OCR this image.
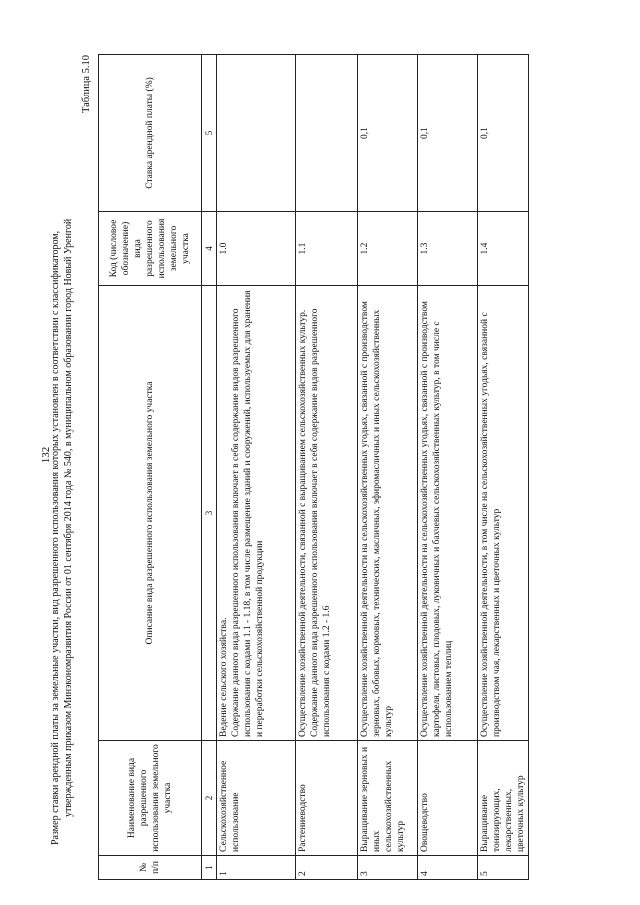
132
Размер ставки арендной платы за земельные участки, вид разрешенного использования которых установлен в соответствии с классификатором, утвержденным приказом Минэкономразвития России от 01 сентября 2014 года № 540, в муниципальном образовании город Новый Уренгой
Таблица 5.10
№ п/п	Наименование вида разрешенного использования земельного участка	Описание вида разрешенного использования земельного участка	Код (числовое обозначение) вида разрешенного использования земельного участка	Ставка арендной платы (%)
1	2	3	4	5
1	Сельскохозяйственное использование	Ведение сельского хозяйства. Содержание данного вида разрешенного использования включает в себя содержание видов разрешенного использования с кодами 1.1 - 1.18, в том числе размещение зданий и сооружений, используемых для хранения и переработки сельскохозяйственной продукции	1.0	
2	Растениеводство	Осуществление хозяйственной деятельности, связанной с выращиванием сельскохозяйственных культур. Содержание данного вида разрешенного использования включает в себя содержание видов разрешенного использования с кодами 1.2 - 1.6	1.1	
3	Выращивание зерновых и иных сельскохозяйственных культур	Осуществление хозяйственной деятельности на сельскохозяйственных угодьях, связанной с производством зерновых, бобовых, кормовых, технических, масличных, эфиромасличных и иных сельскохозяйственных культур	1.2	0,1
4	Овощеводство	Осуществление хозяйственной деятельности на сельскохозяйственных угодьях, связанной с производством картофеля, листовых, плодовых, луковичных и бахчевых сельскохозяйственных культур, в том числе с использованием теплиц	1.3	0,1
5	Выращивание тонизирующих, лекарственных, цветочных культур	Осуществление хозяйственной деятельности, в том числе на сельскохозяйственных угодьях, связанной с производством чая, лекарственных и цветочных культур	1.4	0,1
